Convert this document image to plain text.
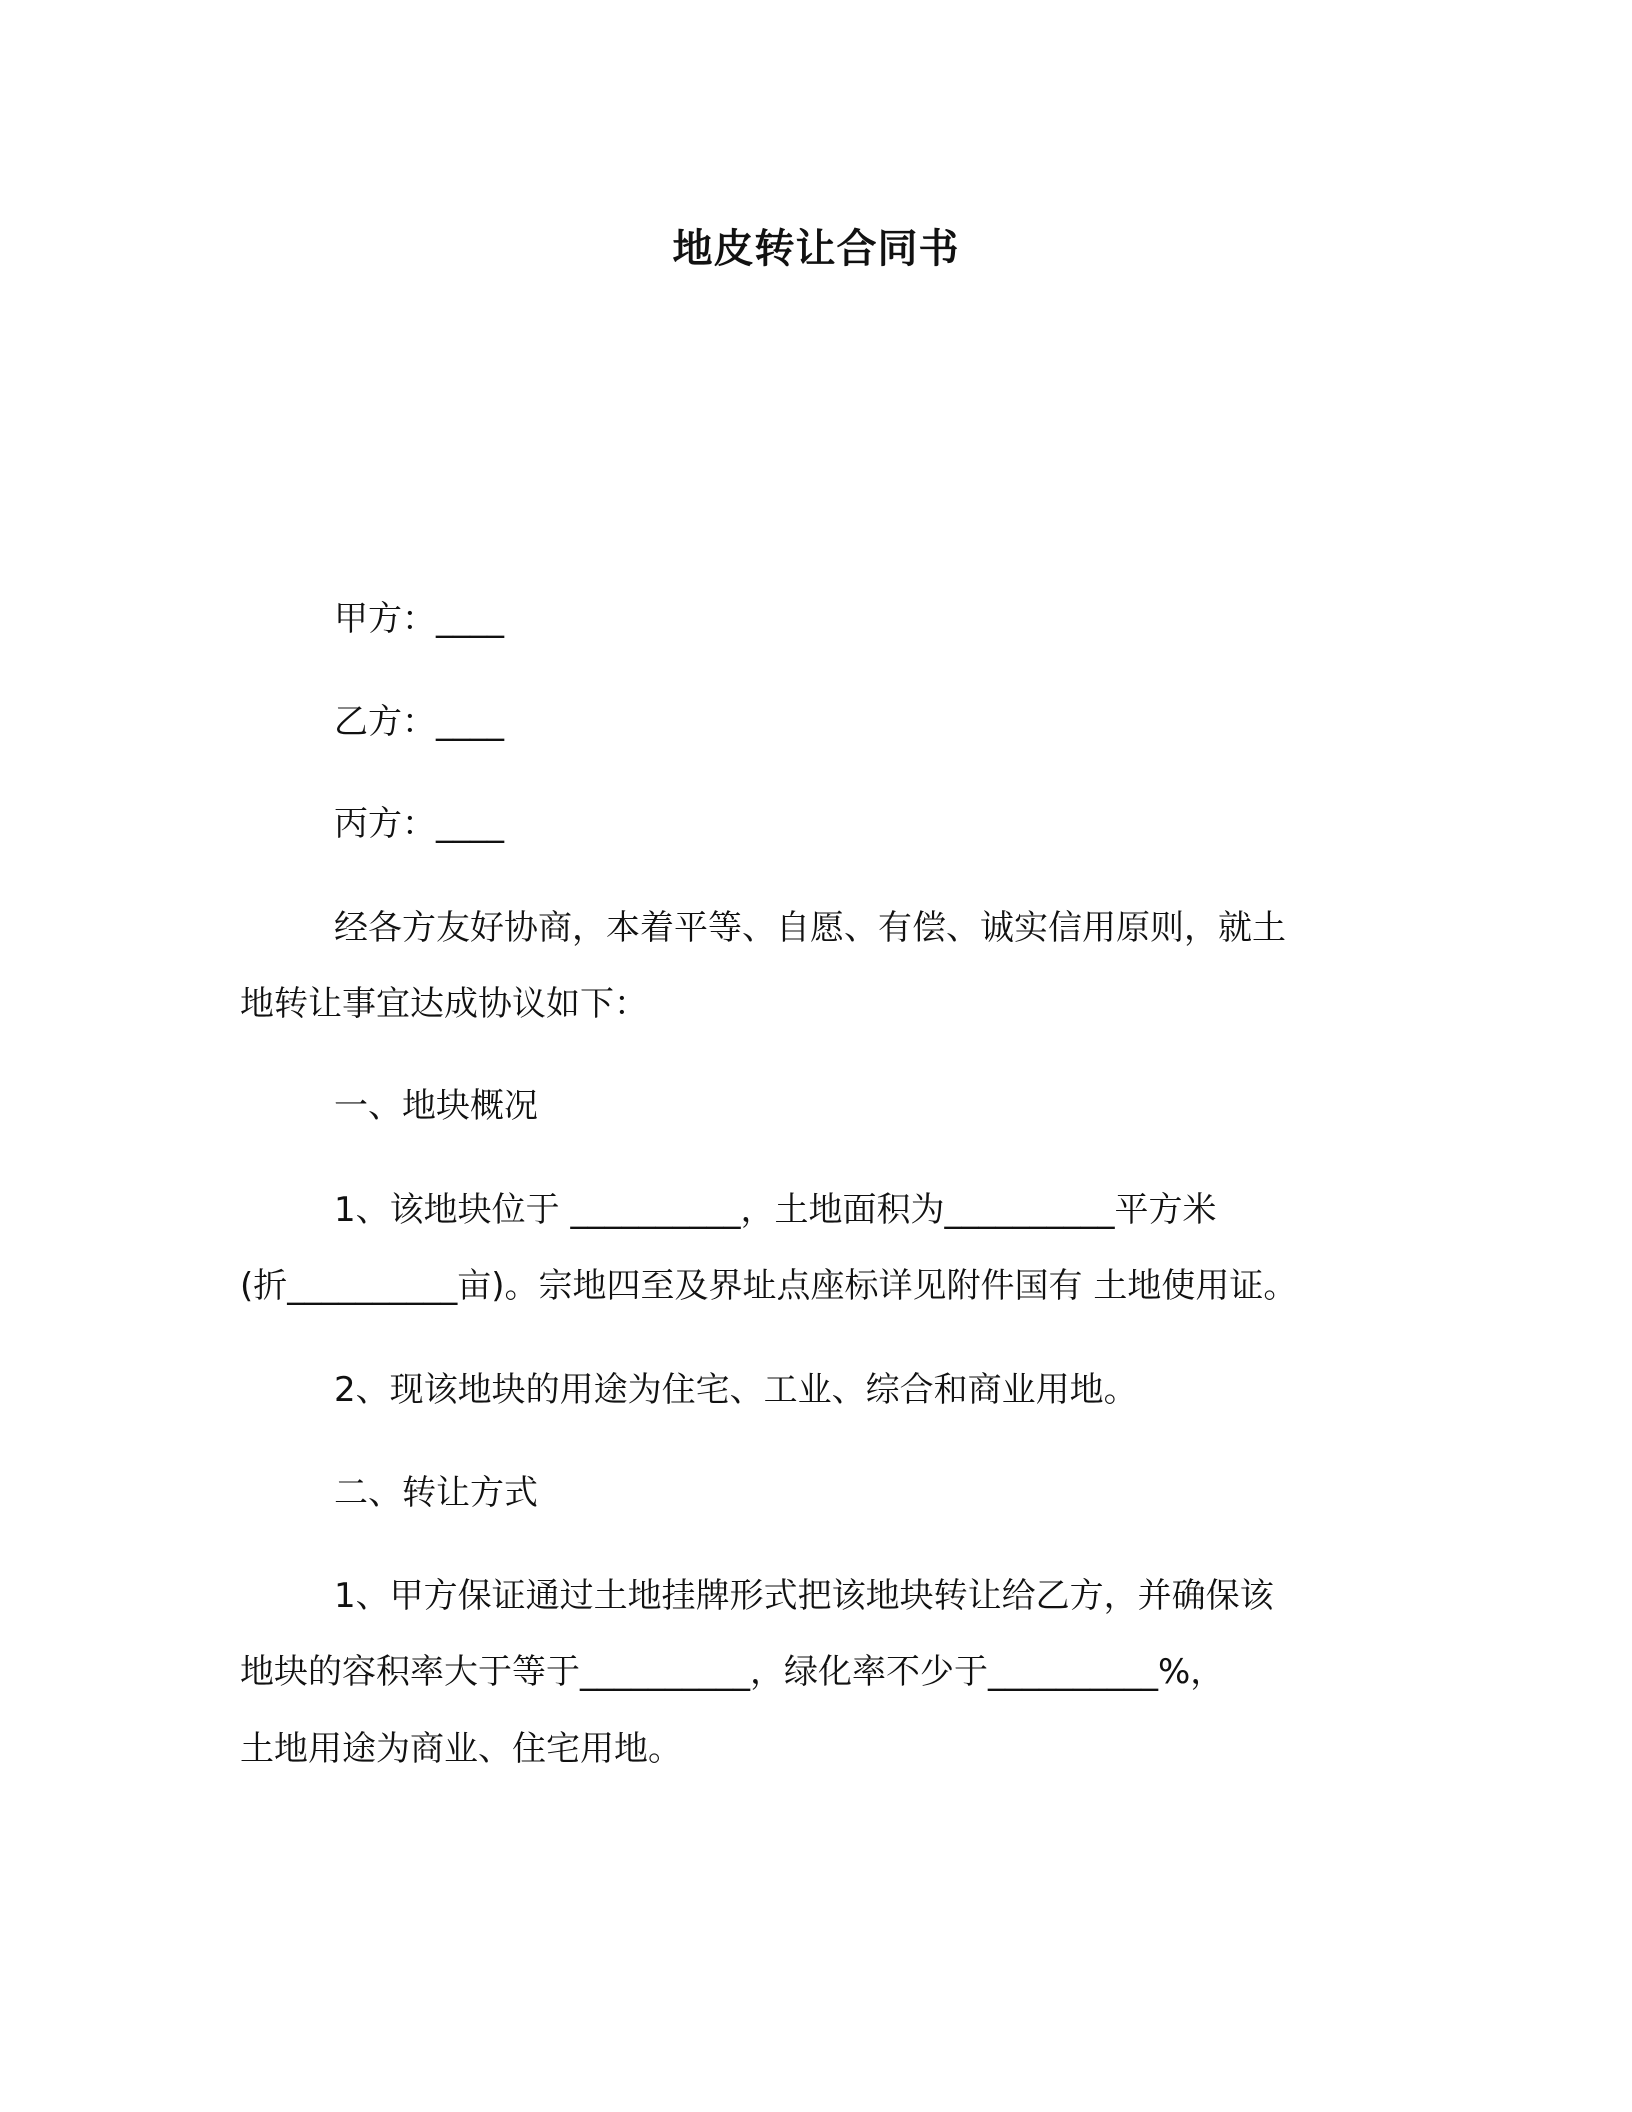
地皮转让合同书
甲方：____
乙方：____
丙方：____
经各方友好协商，本着平等、自愿、有偿、诚实信用原则，就土
地转让事宜达成协议如下：
一、地块概况
1、该地块位于 __________，土地面积为__________平方米
(折__________亩)。宗地四至及界址点座标详见附件国有 土地使用证。
2、现该地块的用途为住宅、工业、综合和商业用地。
二、转让方式
1、甲方保证通过土地挂牌形式把该地块转让给乙方，并确保该
地块的容积率大于等于__________，绿化率不少于__________%，
土地用途为商业、住宅用地。
